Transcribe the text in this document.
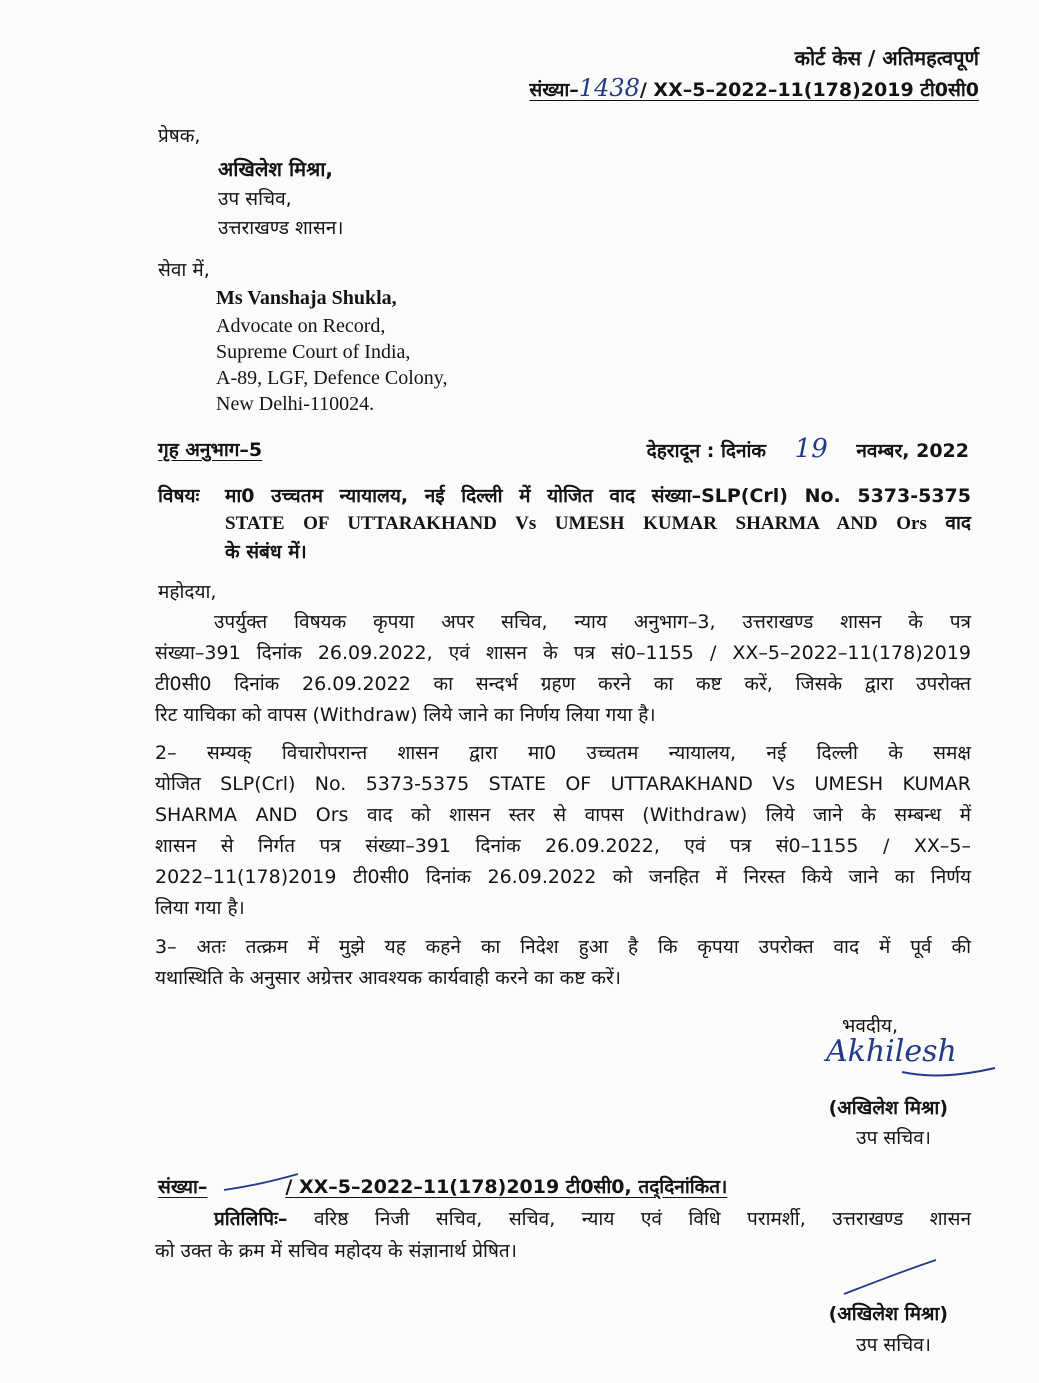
कोर्ट केस / अतिमहत्वपूर्ण
संख्या–1438/ XX–5–2022–11(178)2019 टी0सी0
प्रेषक,
अखिलेश मिश्रा,
उप सचिव,
उत्तराखण्ड शासन।
सेवा में,
Ms Vanshaja Shukla,
Advocate on Record,
Supreme Court of India,
A-89, LGF, Defence Colony,
New Delhi-110024.
गृह अनुभाग–5	देहरादून : दिनांक 19 नवम्बर, 2022
विषयः मा0 उच्चतम न्यायालय, नई दिल्ली में योजित वाद संख्या–SLP(Crl) No. 5373-5375
STATE OF UTTARAKHAND Vs UMESH KUMAR SHARMA AND Ors वाद
के संबंध में।
महोदया,
उपर्युक्त विषयक कृपया अपर सचिव, न्याय अनुभाग–3, उत्तराखण्ड शासन के पत्र
संख्या–391 दिनांक 26.09.2022, एवं शासन के पत्र सं0–1155 / XX–5–2022–11(178)2019
टी0सी0 दिनांक 26.09.2022 का सन्दर्भ ग्रहण करने का कष्ट करें, जिसके द्वारा उपरोक्त
रिट याचिका को वापस (Withdraw) लिये जाने का निर्णय लिया गया है।
2– सम्यक् विचारोपरान्त शासन द्वारा मा0 उच्चतम न्यायालय, नई दिल्ली के समक्ष
योजित SLP(Crl) No. 5373-5375 STATE OF UTTARAKHAND Vs UMESH KUMAR
SHARMA AND Ors वाद को शासन स्तर से वापस (Withdraw) लिये जाने के सम्बन्ध में
शासन से निर्गत पत्र संख्या–391 दिनांक 26.09.2022, एवं पत्र सं0–1155 / XX–5–
2022–11(178)2019 टी0सी0 दिनांक 26.09.2022 को जनहित में निरस्त किये जाने का निर्णय
लिया गया है।
3– अतः तत्क्रम में मुझे यह कहने का निदेश हुआ है कि कृपया उपरोक्त वाद में पूर्व की
यथास्थिति के अनुसार अग्रेत्तर आवश्यक कार्यवाही करने का कष्ट करें।
भवदीय,
Akhilesh
(अखिलेश मिश्रा)
उप सचिव।
संख्या–	/ XX–5–2022–11(178)2019 टी0सी0, तद्‌दिनांकित।
प्रतिलिपिः– वरिष्ठ निजी सचिव, सचिव, न्याय एवं विधि परामर्शी, उत्तराखण्ड शासन
को उक्त के क्रम में सचिव महोदय के संज्ञानार्थ प्रेषित।
(अखिलेश मिश्रा)
उप सचिव।
